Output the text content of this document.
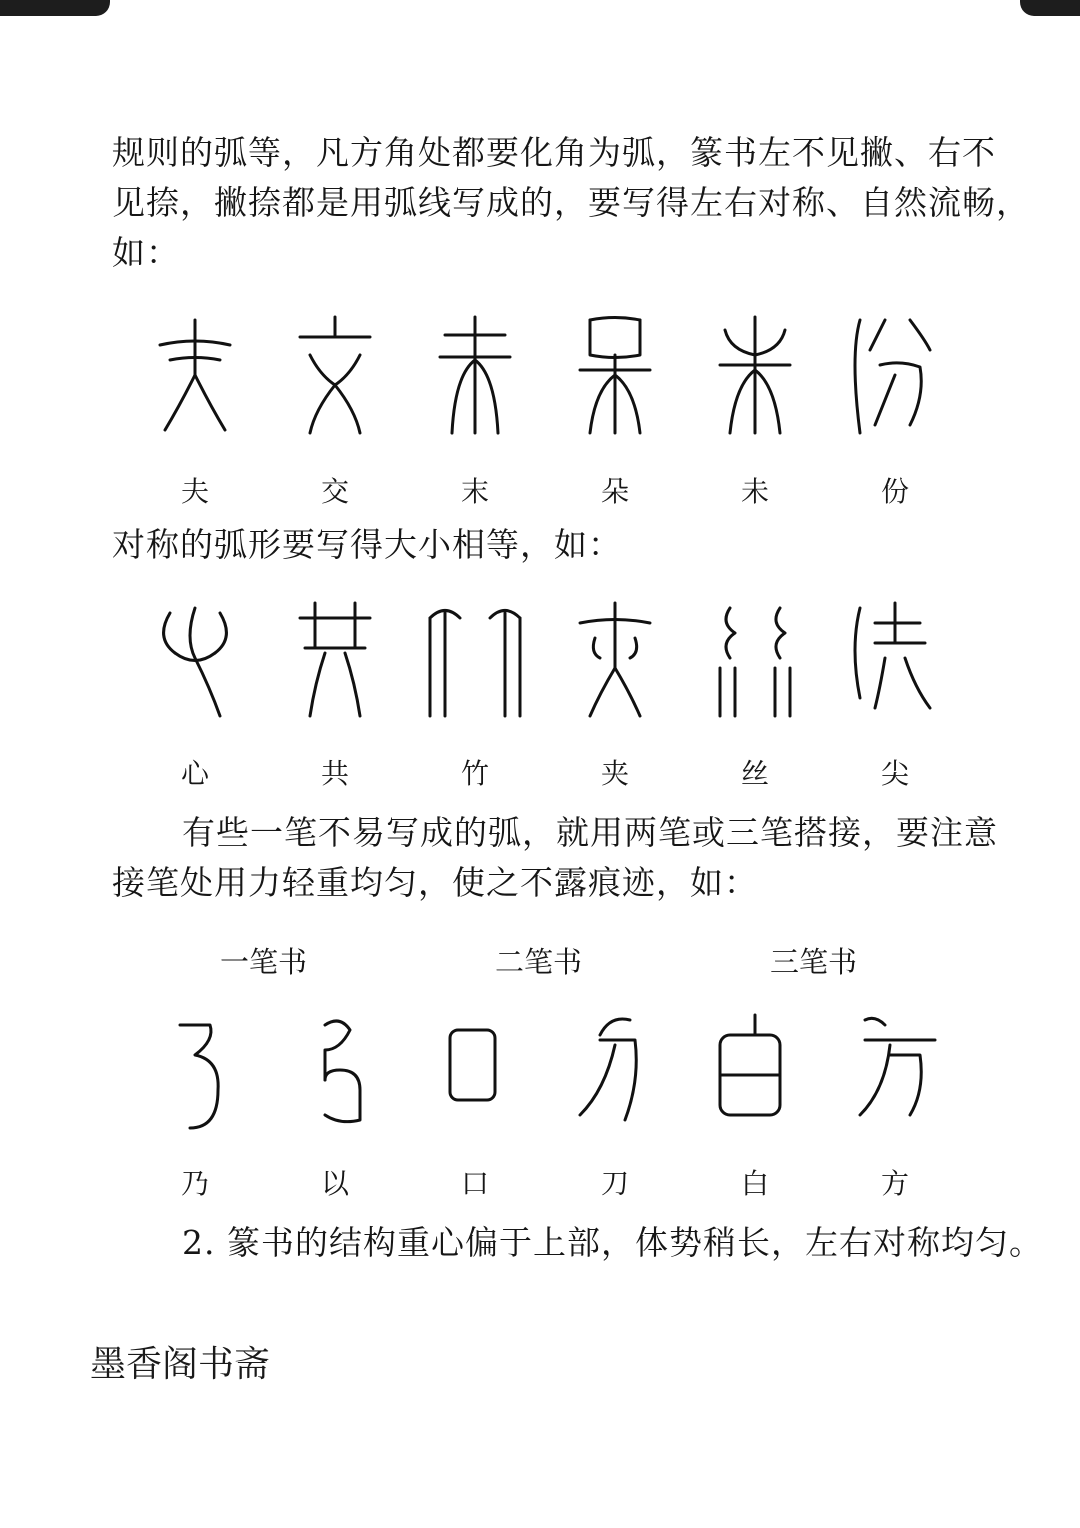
规则的弧等，凡方角处都要化角为弧，篆书左不见撇、右不
见捺，撇捺都是用弧线写成的，要写得左右对称、自然流畅，
如：

夫	交	末	朵	未	份

对称的弧形要写得大小相等，如：

心	共	竹	夹	丝	尖

有些一笔不易写成的弧，就用两笔或三笔搭接，要注意
接笔处用力轻重均匀，使之不露痕迹，如：

一笔书	二笔书	三笔书
乃	以	口	刀	白	方

2. 篆书的结构重心偏于上部，体势稍长，左右对称均匀。

墨香阁书斋
